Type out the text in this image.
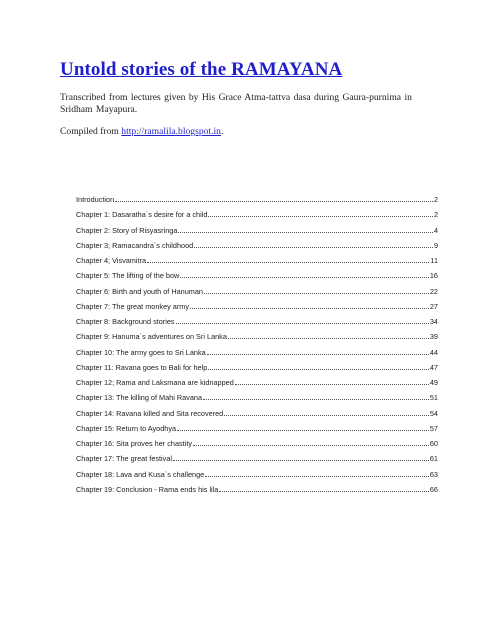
Untold stories of the RAMAYANA
Transcribed from lectures given by His Grace Atma-tattva dasa during Gaura-purnima in Sridham Mayapura.
Compiled from http://ramalila.blogspot.in.
Introduction	2
Chapter 1: Dasaratha`s desire for a child	2
Chapter 2: Story of Risyasringa	4
Chapter 3; Ramacandra`s childhood	9
Chapter 4; Visvamitra	11
Chapter 5: The lifting of the bow	16
Chapter 6: Birth and youth of Hanuman	22
Chapter 7: The great monkey army	27
Chapter 8: Background stories	34
Chapter 9: Hanuma`s adventures on Sri Lanka	39
Chapter 10: The army goes to Sri Lanka	44
Chapter 11: Ravana goes to Bali for help	47
Chapter 12; Rama and Laksmana are kidnapped	49
Chapter 13: The killing of Mahi Ravana	51
Chapter 14: Ravana killed and Sita recovered	54
Chapter 15: Return to Ayodhya	57
Chapter 16: Sita proves her chastity	60
Chapter 17: The great festival	61
Chapter 18: Lava and Kusa`s challenge	63
Chapter 19: Conclusion - Rama ends his lila	66
